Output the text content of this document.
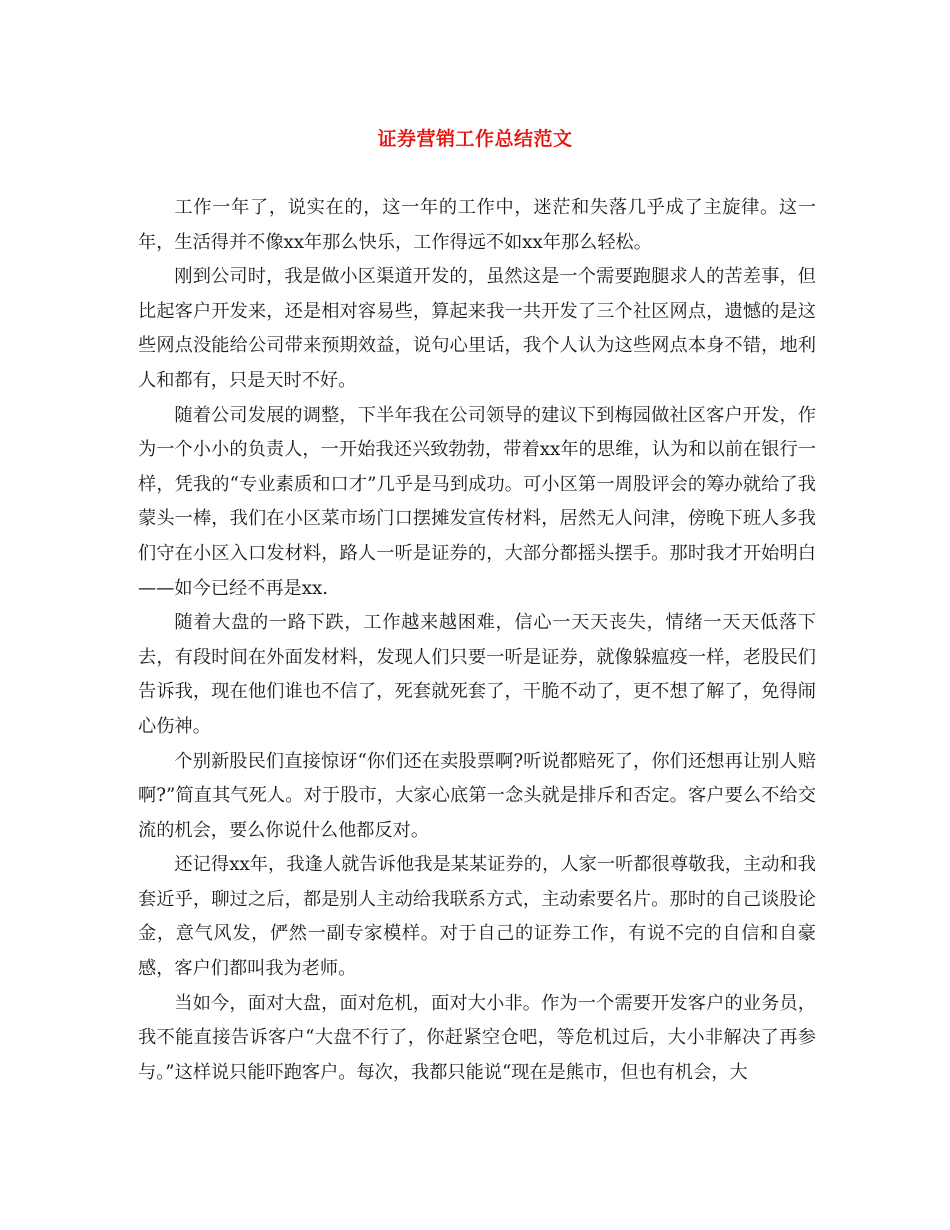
证券营销工作总结范文

工作一年了，说实在的，这一年的工作中，迷茫和失落几乎成了主旋律。这一年，生活得并不像xx年那么快乐，工作得远不如xx年那么轻松。

刚到公司时，我是做小区渠道开发的，虽然这是一个需要跑腿求人的苦差事，但比起客户开发来，还是相对容易些，算起来我一共开发了三个社区网点，遗憾的是这些网点没能给公司带来预期效益，说句心里话，我个人认为这些网点本身不错，地利人和都有，只是天时不好。

随着公司发展的调整，下半年我在公司领导的建议下到梅园做社区客户开发，作为一个小小的负责人，一开始我还兴致勃勃，带着xx年的思维，认为和以前在银行一样，凭我的“专业素质和口才”几乎是马到成功。可小区第一周股评会的筹办就给了我蒙头一棒，我们在小区菜市场门口摆摊发宣传材料，居然无人问津，傍晚下班人多我们守在小区入口发材料，路人一听是证券的，大部分都摇头摆手。那时我才开始明白——如今已经不再是xx.

随着大盘的一路下跌，工作越来越困难，信心一天天丧失，情绪一天天低落下去，有段时间在外面发材料，发现人们只要一听是证券，就像躲瘟疫一样，老股民们告诉我，现在他们谁也不信了，死套就死套了，干脆不动了，更不想了解了，免得闹心伤神。

个别新股民们直接惊讶“你们还在卖股票啊?听说都赔死了，你们还想再让别人赔啊?”简直其气死人。对于股市，大家心底第一念头就是排斥和否定。客户要么不给交流的机会，要么你说什么他都反对。

还记得xx年，我逢人就告诉他我是某某证券的，人家一听都很尊敬我，主动和我套近乎，聊过之后，都是别人主动给我联系方式，主动索要名片。那时的自己谈股论金，意气风发，俨然一副专家模样。对于自己的证券工作，有说不完的自信和自豪感，客户们都叫我为老师。

当如今，面对大盘，面对危机，面对大小非。作为一个需要开发客户的业务员，我不能直接告诉客户“大盘不行了，你赶紧空仓吧，等危机过后，大小非解决了再参与。”这样说只能吓跑客户。每次，我都只能说“现在是熊市，但也有机会，大
